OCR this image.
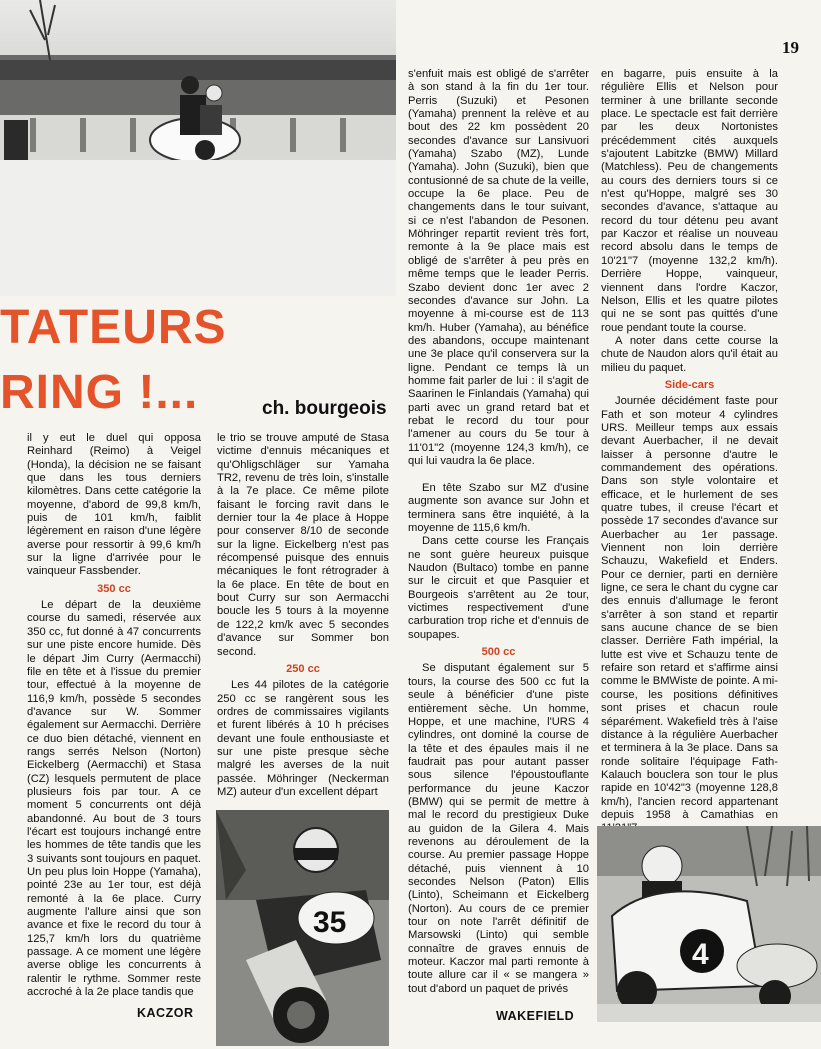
19
TATEURS
RING !...	ch. bourgeois

s'enfuit mais est obligé de s'arrêter à son stand à la fin du 1er tour. Perris (Suzuki) et Pesonen (Yamaha) prennent la relève et au bout des 22 km possèdent 20 secondes d'avance sur Lansivuori (Yamaha) Szabo (MZ), Lunde (Yamaha). John (Suzuki), bien que contusionné de sa chute de la veille, occupe la 6e place. Peu de changements dans le tour suivant, si ce n'est l'abandon de Pesonen. Möhringer repartit revient très fort, remonte à la 9e place mais est obligé de s'arrêter à peu près en même temps que le leader Perris. Szabo devient donc 1er avec 2 secondes d'avance sur John. La moyenne à mi-course est de 113 km/h. Huber (Yamaha), au bénéfice des abandons, occupe maintenant une 3e place qu'il conservera sur la ligne. Pendant ce temps là un homme fait parler de lui : il s'agit de Saarinen le Finlandais (Yamaha) qui parti avec un grand retard bat et rebat le record du tour pour l'amener au cours du 5e tour à 11'01"2 (moyenne 124,3 km/h), ce qui lui vaudra la 6e place.

en bagarre, puis ensuite à la régulière Ellis et Nelson pour terminer à une brillante seconde place. Le spectacle est fait derrière par les deux Nortonistes précédemment cités auxquels s'ajoutent Labitzke (BMW) Millard (Matchless). Peu de changements au cours des derniers tours si ce n'est qu'Hoppe, malgré ses 30 secondes d'avance, s'attaque au record du tour détenu peu avant par Kaczor et réalise un nouveau record absolu dans le temps de 10'21"7 (moyenne 132,2 km/h). Derrière Hoppe, vainqueur, viennent dans l'ordre Kaczor, Nelson, Ellis et les quatre pilotes qui ne se sont pas quittés d'une roue pendant toute la course.

A noter dans cette course la chute de Naudon alors qu'il était au milieu du paquet.

Side-cars

Journée décidément faste pour Fath et son moteur 4 cylindres URS. Meilleur temps aux essais devant Auerbacher, il ne devait laisser à personne d'autre le commandement des opérations. Dans son style volontaire et efficace, et le hurlement de ses quatre tubes, il creuse l'écart et possède 17 secondes d'avance sur Auerbacher au 1er passage. Viennent non loin derrière Schauzu, Wakefield et Enders. Pour ce dernier, parti en dernière ligne, ce sera le chant du cygne car des ennuis d'allumage le feront s'arrêter à son stand et repartir sans aucune chance de se bien classer. Derrière Fath impérial, la lutte est vive et Schauzu tente de refaire son retard et s'affirme ainsi comme le BMWiste de pointe. A mi-course, les positions définitives sont prises et chacun roule séparément. Wakefield très à l'aise distance à la régulière Auerbacher et terminera à la 3e place. Dans sa ronde solitaire l'équipage Fath-Kalauch bouclera son tour le plus rapide en 10'42"3 (moyenne 128,8 km/h), l'ancien record appartenant depuis 1958 à Camathias en

il y eut le duel qui opposa Reinhard (Reimo) à Veigel (Honda), la décision ne se faisant que dans les tous derniers kilomètres. Dans cette catégorie la moyenne, d'abord de 99,8 km/h, puis de 101 km/h, faiblit légèrement en raison d'une légère averse pour ressortir à 99,6 km/h sur la ligne d'arrivée pour le vainqueur Fassbender.

350 cc

Le départ de la deuxième course du samedi, réservée aux 350 cc, fut donné à 47 concurrents sur une piste encore humide. Dès le départ Jim Curry (Aermacchi) file en tête et à l'issue du premier tour, effectué à la moyenne de 116,9 km/h, possède 5 secondes d'avance sur W. Sommer également sur Aermacchi. Derrière ce duo bien détaché, viennent en rangs serrés Nelson (Norton) Eickelberg (Aermacchi) et Stasa (CZ) lesquels permutent de place plusieurs fois par tour. A ce moment 5 concurrents ont déjà abandonné. Au bout de 3 tours l'écart est toujours inchangé entre les hommes de tête tandis que les 3 suivants sont toujours en paquet. Un peu plus loin Hoppe (Yamaha), pointé 23e au 1er tour, est déjà remonté à la 6e place. Curry augmente l'allure ainsi que son avance et fixe le record du tour à 125,7 km/h lors du quatrième passage. A ce moment une légère averse oblige les concurrents à ralentir le rythme. Sommer reste accroché à la 2e place tandis que

le trio se trouve amputé de Stasa victime d'ennuis mécaniques et qu'Ohligschläger sur Yamaha TR2, revenu de très loin, s'installe à la 7e place. Ce même pilote faisant le forcing ravit dans le dernier tour la 4e place à Hoppe pour conserver 8/10 de seconde sur la ligne. Eickelberg n'est pas récompensé puisque des ennuis mécaniques le font rétrograder à la 6e place. En tête de bout en bout Curry sur son Aermacchi boucle les 5 tours à la moyenne de 122,2 km/k avec 5 secondes d'avance sur Sommer bon second.

250 cc

Les 44 pilotes de la catégorie 250 cc se rangèrent sous les ordres de commissaires vigilants et furent libérés à 10 h précises devant une foule enthousiaste et sur une piste presque sèche malgré les averses de la nuit passée. Möhringer (Neckerman MZ) auteur d'un excellent départ

En tête Szabo sur MZ d'usine augmente son avance sur John et terminera sans être inquiété, à la moyenne de 115,6 km/h.

Dans cette course les Français ne sont guère heureux puisque Naudon (Bultaco) tombe en panne sur le circuit et que Pasquier et Bourgeois s'arrêtent au 2e tour, victimes respectivement d'une carburation trop riche et d'ennuis de soupapes.

500 cc

Se disputant également sur 5 tours, la course des 500 cc fut la seule à bénéficier d'une piste entièrement sèche. Un homme, Hoppe, et une machine, l'URS 4 cylindres, ont dominé la course de la tête et des épaules mais il ne faudrait pas pour autant passer sous silence l'époustouflante performance du jeune Kaczor (BMW) qui se permit de mettre à mal le record du prestigieux Duke au guidon de la Gilera 4. Mais revenons au déroulement de la course. Au premier passage Hoppe détaché, puis viennent à 10 secondes Nelson (Paton) Ellis (Linto), Scheimann et Eickelberg (Norton). Au cours de ce premier tour on note l'arrêt définitif de Marsowski (Linto) qui semble connaître de graves ennuis de moteur. Kaczor mal parti remonte à toute allure car il « se mangera » tout d'abord un paquet de privés

35
4
KACZOR	WAKEFIELD
